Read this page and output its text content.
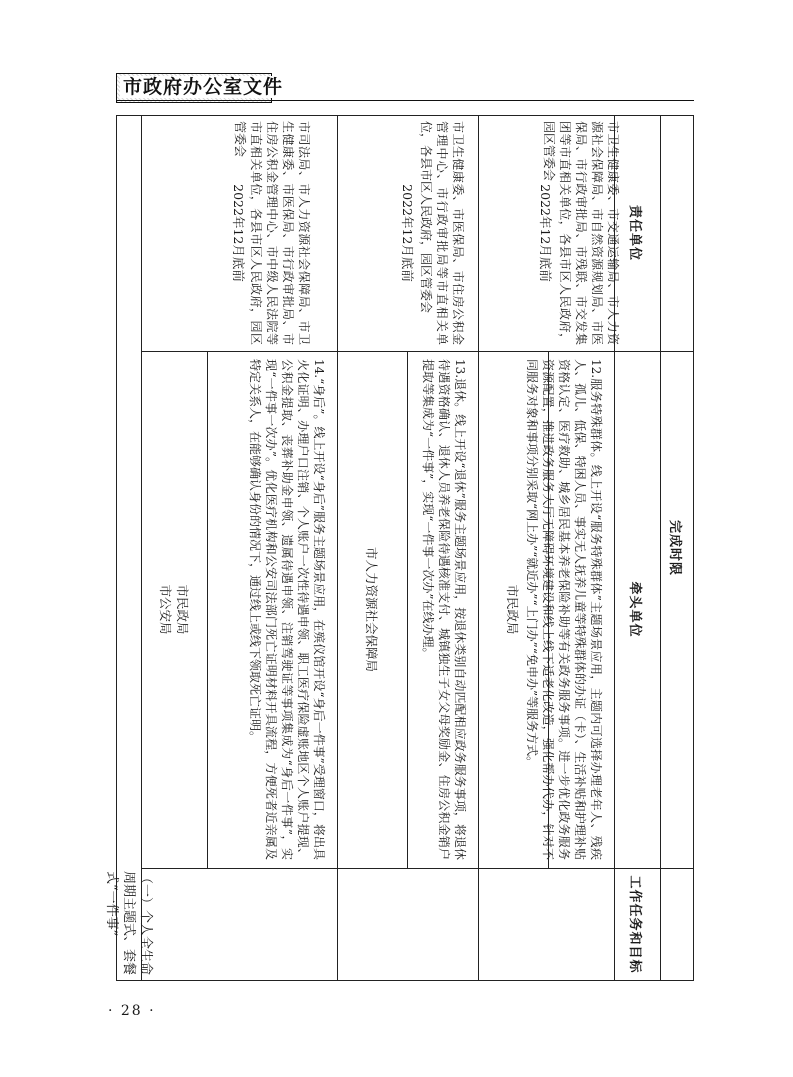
市政府办公室文件
完成时限
责任单位
牵头单位
工作任务和目标
2022年12月底前
12.服务特殊群体。线上开设“服务特殊群体”主题场景应用，主题内可选择办理老年人、残疾人、孤儿、低保、特困人员、事实无人抚养儿童等特殊群体的办证（卡）、生活补贴和护理补贴资格认定、医疗救助、城乡居民基本养老保险补助等有关政务服务事项。进一步优化政务服务资源配置，推进政务服务大厅无障碍环境建设和线上线下适老化改造，强化帮办代办，针对不同服务对象和事项分别采取“网上办”“就近办”“上门办”“免申办”等服务方式。
2022年12月底前
13.退休。线上开设“退休”服务主题场景应用，按退休类别自动匹配相应政务服务事项，将退休待遇资格确认、退休人员养老保险待遇核准支付、城镇独生子女父母奖励金、住房公积金销户提取等集成为“一件事”，实现“一件事一次办”在线办理。
2022年12月底前
14.“身后”。线上开设“身后”服务主题场景应用，在殡仪馆开设“身后一件事”受理窗口，将出具火化证明、办理户口注销、个人账户一次性待遇申领、职工医疗保险虚账地区个人账户提现、公积金提取、丧葬补助金申领、遗属待遇申领、注销驾驶证等事项集成为“身后一件事”，实现“一件事一次办”。优化医疗机构和公安司法部门死亡证明材料开具流程，方便死者近亲属及特定关系人，在能够确认身份的情况下，通过线上或线下领取死亡证明。
（一）个人全生命周期主题式、套餐式“一件事”
· 28 ·
市民政局
市卫生健康委、市交通运输局、市人力资源社会保障局、市自然资源规划局、市医保局、市行政审批局、市残联、市交发集团等市直相关单位，各县市区人民政府，园区管委会
市人力资源社会保障局
市卫生健康委、市医保局、市住房公积金管理中心、市行政审批局等市直相关单位，各县市区人民政府，园区管委会
市民政局
市公安局
市司法局、市人力资源社会保障局、市卫生健康委、市医保局、市行政审批局、市住房公积金管理中心、市中级人民法院等市直相关单位，各县市区人民政府，园区管委会
